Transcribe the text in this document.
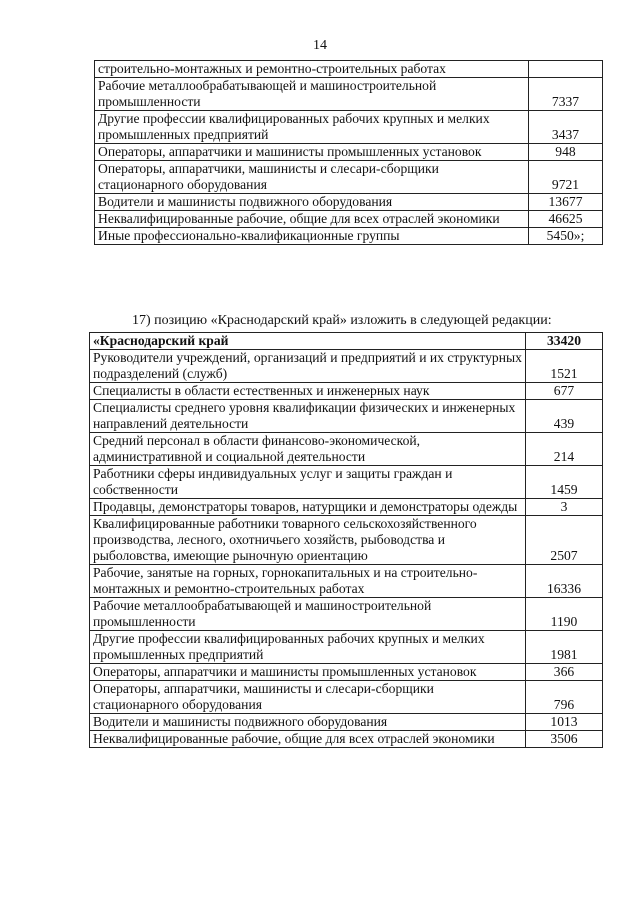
14
строительно-монтажных и ремонтно-строительных работах	
Рабочие металлообрабатывающей и машиностроительной промышленности	7337
Другие профессии квалифицированных рабочих крупных и мелких промышленных предприятий	3437
Операторы, аппаратчики и машинисты промышленных установок	948
Операторы, аппаратчики, машинисты и слесари-сборщики стационарного оборудования	9721
Водители и машинисты подвижного оборудования	13677
Неквалифицированные рабочие, общие для всех отраслей экономики	46625
Иные профессионально-квалификационные группы	5450»;
17) позицию «Краснодарский край» изложить в следующей редакции:
«Краснодарский край	33420
Руководители учреждений, организаций и предприятий и их структурных подразделений (служб)	1521
Специалисты в области естественных и инженерных наук	677
Специалисты среднего уровня квалификации физических и инженерных направлений деятельности	439
Средний персонал в области финансово-экономической, административной и социальной деятельности	214
Работники сферы индивидуальных услуг и защиты граждан и собственности	1459
Продавцы, демонстраторы товаров, натурщики и демонстраторы одежды	3
Квалифицированные работники товарного сельскохозяйственного производства, лесного, охотничьего хозяйств, рыбоводства и рыболовства, имеющие рыночную ориентацию	2507
Рабочие, занятые на горных, горнокапитальных и на строительно-монтажных и ремонтно-строительных работах	16336
Рабочие металлообрабатывающей и машиностроительной промышленности	1190
Другие профессии квалифицированных рабочих крупных и мелких промышленных предприятий	1981
Операторы, аппаратчики и машинисты промышленных установок	366
Операторы, аппаратчики, машинисты и слесари-сборщики стационарного оборудования	796
Водители и машинисты подвижного оборудования	1013
Неквалифицированные рабочие, общие для всех отраслей экономики	3506
